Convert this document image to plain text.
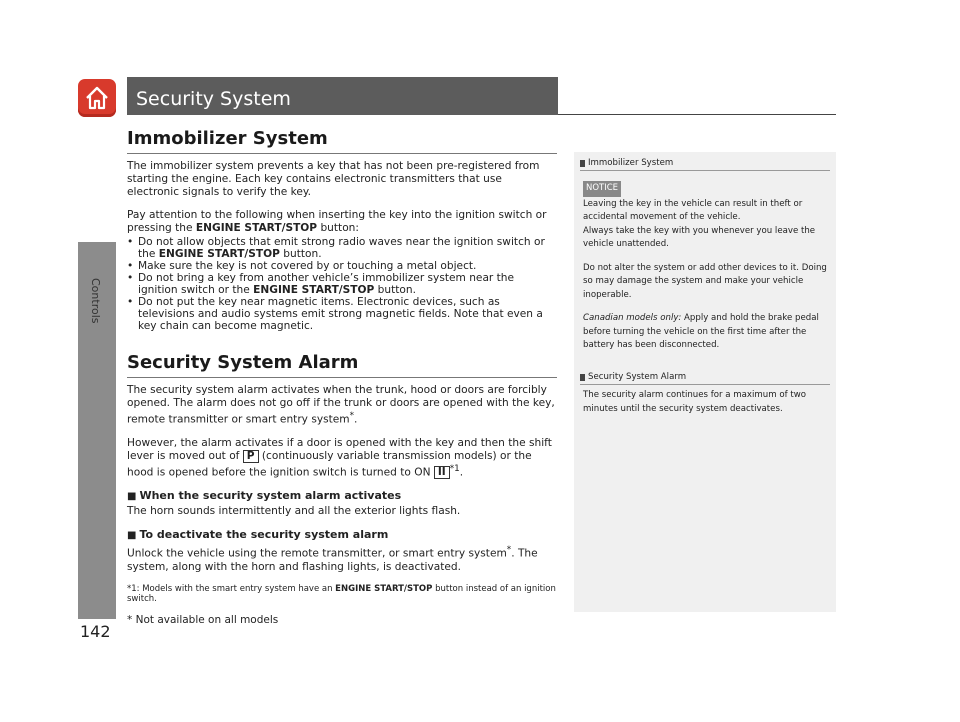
Security System
Controls
142
Immobilizer System

The immobilizer system prevents a key that has not been pre-registered from starting the engine. Each key contains electronic transmitters that use electronic signals to verify the key.

Pay attention to the following when inserting the key into the ignition switch or pressing the ENGINE START/STOP button:

• Do not allow objects that emit strong radio waves near the ignition switch or the ENGINE START/STOP button.
• Make sure the key is not covered by or touching a metal object.
• Do not bring a key from another vehicle’s immobilizer system near the ignition switch or the ENGINE START/STOP button.
• Do not put the key near magnetic items. Electronic devices, such as televisions and audio systems emit strong magnetic fields. Note that even a key chain can become magnetic.
Security System Alarm

The security system alarm activates when the trunk, hood or doors are forcibly opened. The alarm does not go off if the trunk or doors are opened with the key, remote transmitter or smart entry system*.

However, the alarm activates if a door is opened with the key and then the shift lever is moved out of P (continuously variable transmission models) or the hood is opened before the ignition switch is turned to ON II $^{*1}$.

■ When the security system alarm activates

The horn sounds intermittently and all the exterior lights flash.

■ To deactivate the security system alarm

Unlock the vehicle using the remote transmitter, or smart entry system*. The system, along with the horn and flashing lights, is deactivated.

*1: Models with the smart entry system have an ENGINE START/STOP button instead of an ignition switch.

* Not available on all models
Immobilizer System
NOTICE

Leaving the key in the vehicle can result in theft or accidental movement of the vehicle.
Always take the key with you whenever you leave the vehicle unattended.

Do not alter the system or add other devices to it. Doing so may damage the system and make your vehicle inoperable.

Canadian models only: Apply and hold the brake pedal before turning the vehicle on the first time after the battery has been disconnected.

Security System Alarm

The security alarm continues for a maximum of two minutes until the security system deactivates.
